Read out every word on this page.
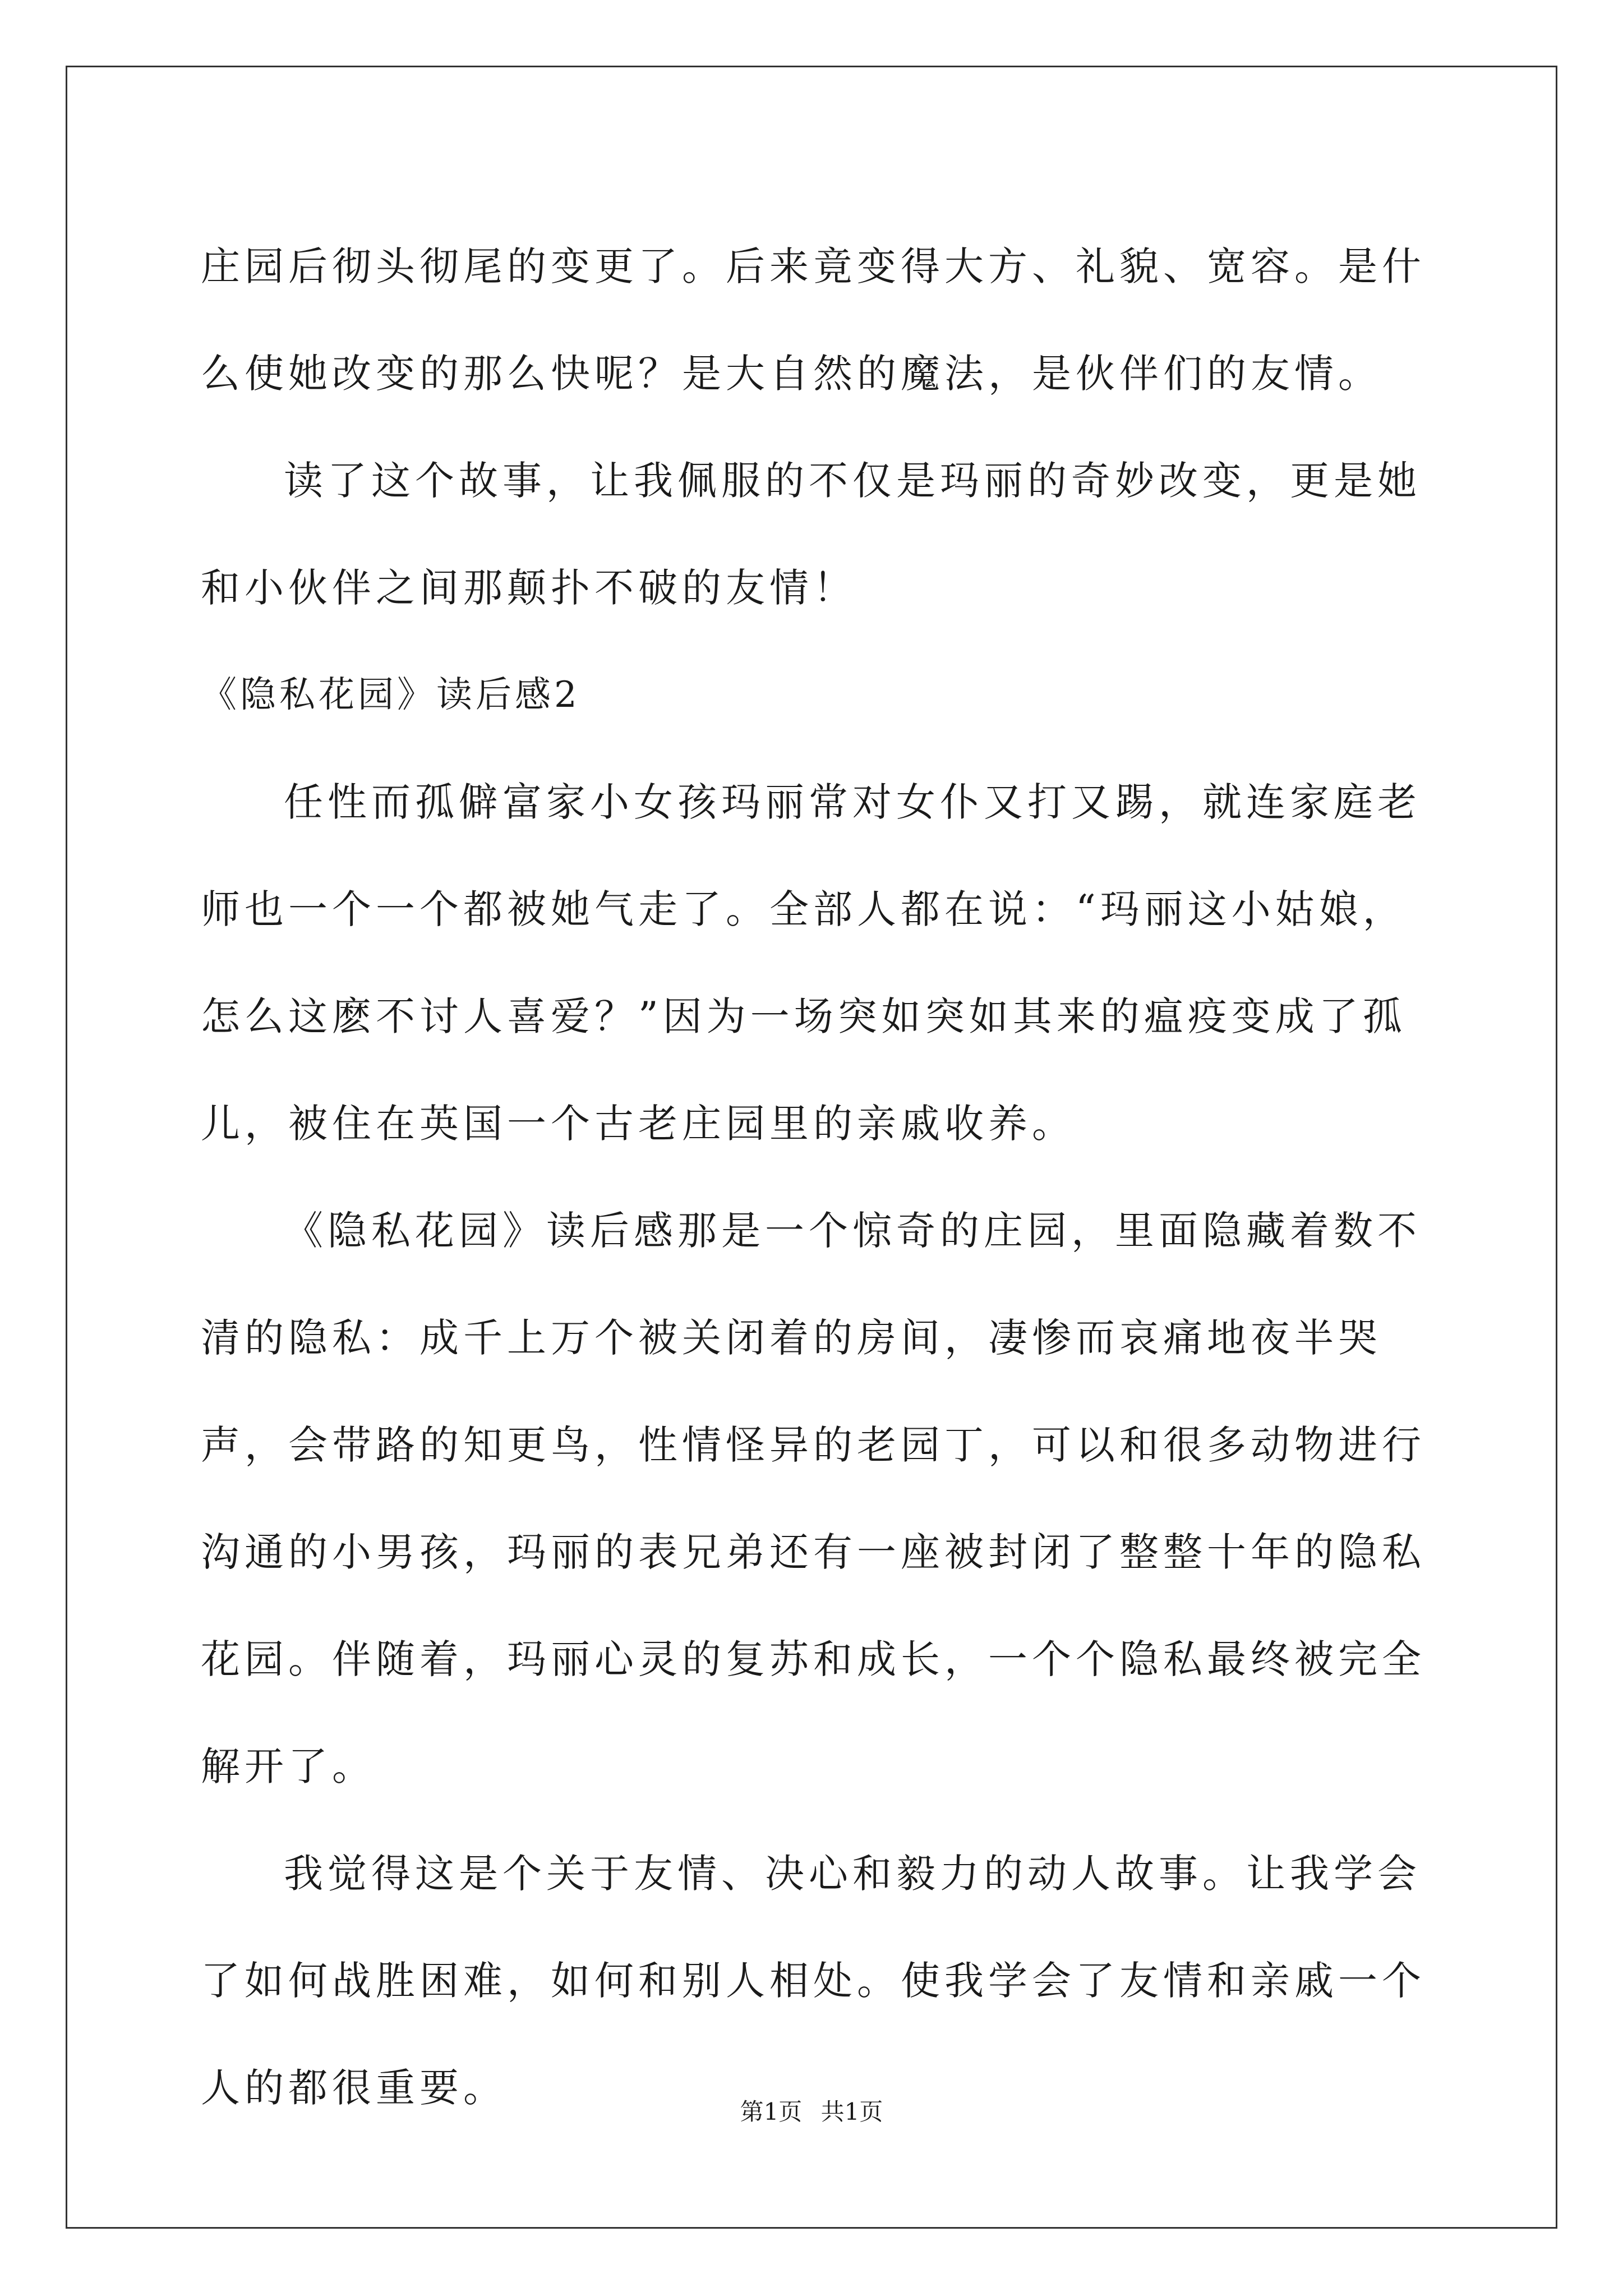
庄园后彻头彻尾的变更了。后来竟变得大方、礼貌、宽容。是什么使她改变的那么快呢？是大自然的魔法，是伙伴们的友情。

读了这个故事，让我佩服的不仅是玛丽的奇妙改变，更是她和小伙伴之间那颠扑不破的友情！

《隐私花园》读后感2

任性而孤僻富家小女孩玛丽常对女仆又打又踢，就连家庭老师也一个一个都被她气走了。全部人都在说：“玛丽这小姑娘，怎么这麽不讨人喜爱？”因为一场突如突如其来的瘟疫变成了孤儿，被住在英国一个古老庄园里的亲戚收养。

《隐私花园》读后感那是一个惊奇的庄园，里面隐藏着数不清的隐私：成千上万个被关闭着的房间，凄惨而哀痛地夜半哭声，会带路的知更鸟，性情怪异的老园丁，可以和很多动物进行沟通的小男孩，玛丽的表兄弟还有一座被封闭了整整十年的隐私花园。伴随着，玛丽心灵的复苏和成长，一个个隐私最终被完全解开了。

我觉得这是个关于友情、决心和毅力的动人故事。让我学会了如何战胜困难，如何和别人相处。使我学会了友情和亲戚一个人的都很重要。

第1页 共1页
